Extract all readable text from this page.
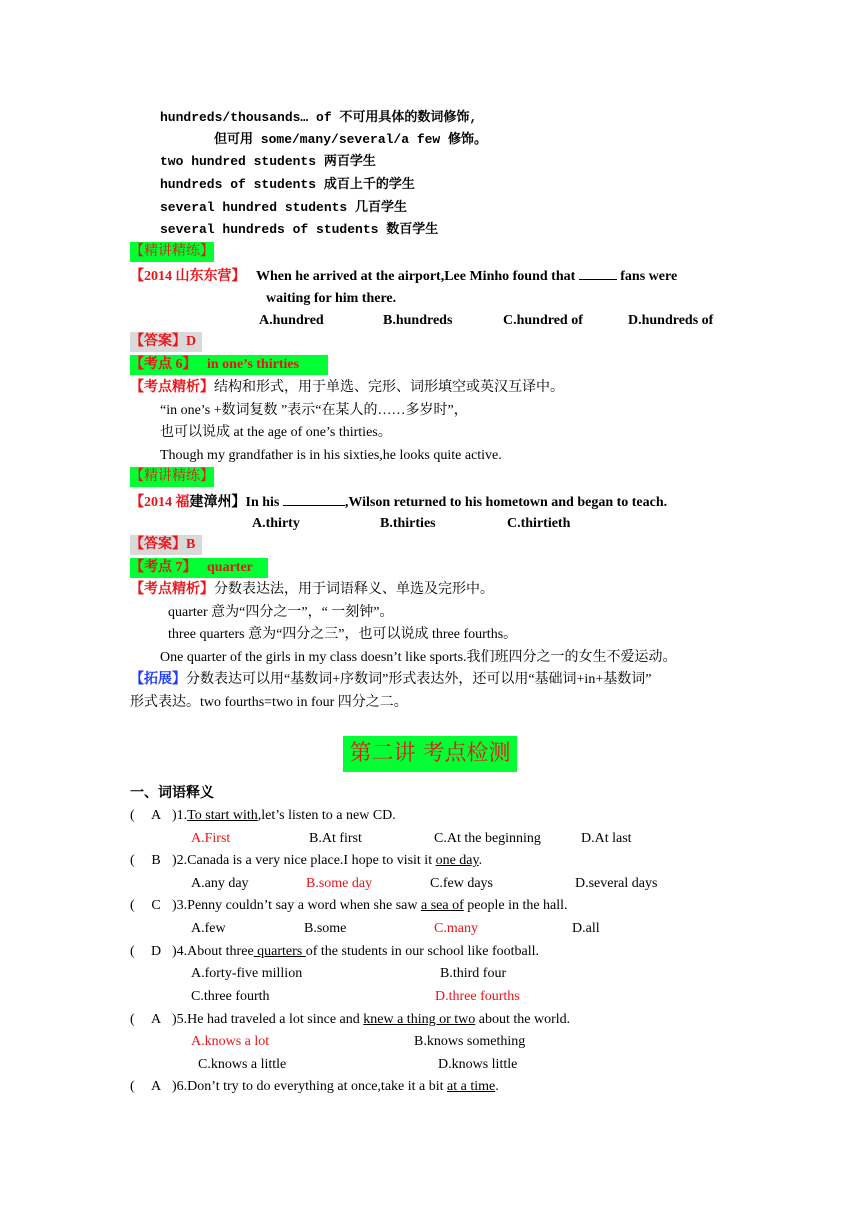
hundreds/thousands… of 不可用具体的数词修饰,
但可用 some/many/several/a few 修饰。
two hundred students 两百学生
hundreds of students 成百上千的学生
several hundred students 几百学生
several hundreds of students 数百学生
【精讲精练】
【2014 山东东营】 When he arrived at the airport,Lee Minho found that	fans were
waiting for him there.
A.hundred	B.hundreds	C.hundred of	D.hundreds of
【答案】D
【考点 6】 in one’s thirties
【考点精析】结构和形式，用于单选、完形、词形填空或英汉互译中。
“in one’s +数词复数 ”表示“在某人的……多岁时”，
也可以说成 at the age of one’s thirties。
Though my grandfather is in his sixties,he looks quite active.
【精讲精练】
【2014 福建漳州】In his	,Wilson returned to his hometown and began to teach.
A.thirty	B.thirties	C.thirtieth
【答案】B
【考点 7】 quarter
【考点精析】分数表达法，用于词语释义、单选及完形中。
quarter 意为“四分之一”，“ 一刻钟”。
three quarters 意为“四分之三”，也可以说成 three fourths。
One quarter of the girls in my class doesn’t like sports.我们班四分之一的女生不爱运动。
【拓展】分数表达可以用“基数词+序数词”形式表达外，还可以用“基础词+in+基数词”
形式表达。two fourths=two in four 四分之二。
第二讲 考点检测
一、词语释义
( A )1.To start with,let’s listen to a new CD.
A.First	B.At first	C.At the beginning	D.At last
( B )2.Canada is a very nice place.I hope to visit it one day.
A.any day	B.some day	C.few days	D.several days
( C )3.Penny couldn’t say a word when she saw a sea of people in the hall.
A.few	B.some	C.many	D.all
( D )4.About three quarters of the students in our school like football.
A.forty-five million	B.third four
C.three fourth	D.three fourths
( A )5.He had traveled a lot since and knew a thing or two about the world.
A.knows a lot	B.knows something
C.knows a little	D.knows little
( A )6.Don’t try to do everything at once,take it a bit at a time.
